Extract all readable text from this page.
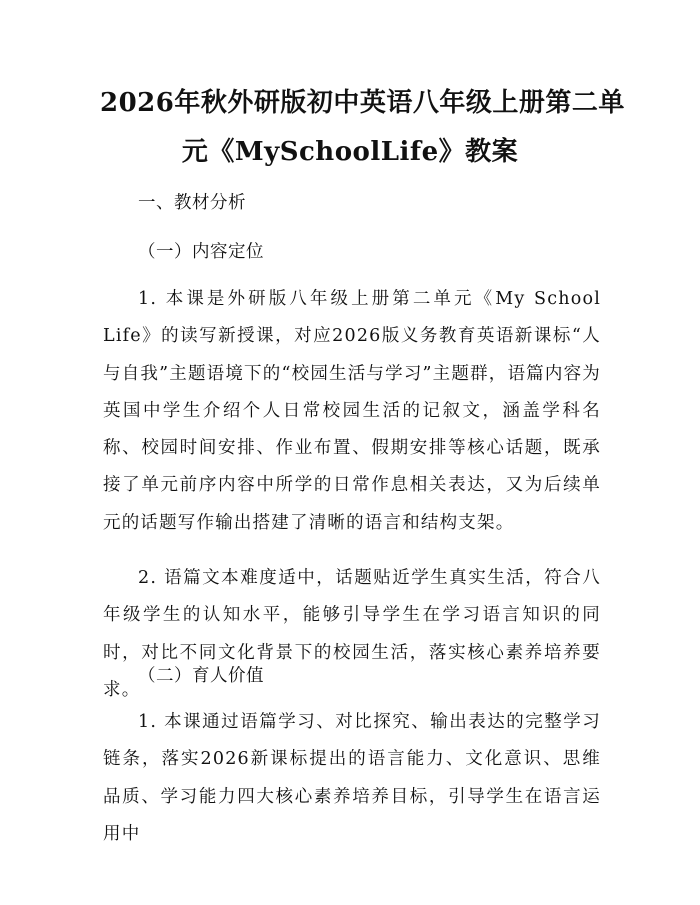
2026年秋外研版初中英语八年级上册第二单
元《MySchoolLife》教案

一、教材分析

（一）内容定位

1. 本课是外研版八年级上册第二单元《My School Life》的读写新授课，对应2026版义务教育英语新课标“人与自我”主题语境下的“校园生活与学习”主题群，语篇内容为英国中学生介绍个人日常校园生活的记叙文，涵盖学科名称、校园时间安排、作业布置、假期安排等核心话题，既承接了单元前序内容中所学的日常作息相关表达，又为后续单元的话题写作输出搭建了清晰的语言和结构支架。

2. 语篇文本难度适中，话题贴近学生真实生活，符合八年级学生的认知水平，能够引导学生在学习语言知识的同时，对比不同文化背景下的校园生活，落实核心素养培养要求。

（二）育人价值

1. 本课通过语篇学习、对比探究、输出表达的完整学习链条，落实2026新课标提出的语言能力、文化意识、思维品质、学习能力四大核心素养培养目标，引导学生在语言运用中
